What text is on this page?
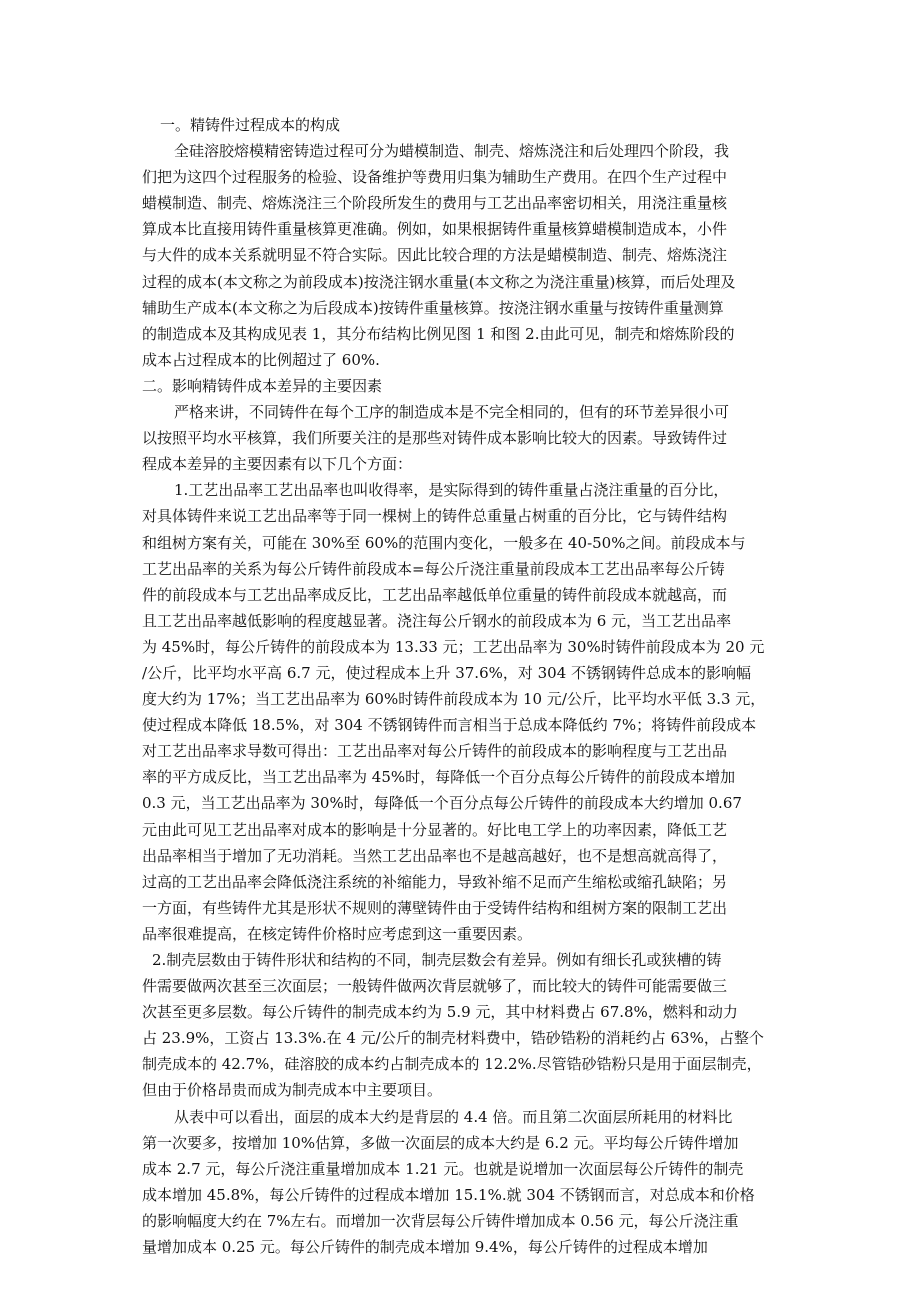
一。精铸件过程成本的构成
全硅溶胶熔模精密铸造过程可分为蜡模制造、制壳、熔炼浇注和后处理四个阶段，我
们把为这四个过程服务的检验、设备维护等费用归集为辅助生产费用。在四个生产过程中
蜡模制造、制壳、熔炼浇注三个阶段所发生的费用与工艺出品率密切相关，用浇注重量核
算成本比直接用铸件重量核算更准确。例如，如果根据铸件重量核算蜡模制造成本，小件
与大件的成本关系就明显不符合实际。因此比较合理的方法是蜡模制造、制壳、熔炼浇注
过程的成本(本文称之为前段成本)按浇注钢水重量(本文称之为浇注重量)核算，而后处理及
辅助生产成本(本文称之为后段成本)按铸件重量核算。按浇注钢水重量与按铸件重量测算
的制造成本及其构成见表 1，其分布结构比例见图 1 和图 2.由此可见，制壳和熔炼阶段的
成本占过程成本的比例超过了 60%.
二。影响精铸件成本差异的主要因素
严格来讲，不同铸件在每个工序的制造成本是不完全相同的，但有的环节差异很小可
以按照平均水平核算，我们所要关注的是那些对铸件成本影响比较大的因素。导致铸件过
程成本差异的主要因素有以下几个方面：
1.工艺出品率工艺出品率也叫收得率，是实际得到的铸件重量占浇注重量的百分比，
对具体铸件来说工艺出品率等于同一棵树上的铸件总重量占树重的百分比，它与铸件结构
和组树方案有关，可能在 30%至 60%的范围内变化，一般多在 40-50%之间。前段成本与
工艺出品率的关系为每公斤铸件前段成本=每公斤浇注重量前段成本工艺出品率每公斤铸
件的前段成本与工艺出品率成反比，工艺出品率越低单位重量的铸件前段成本就越高，而
且工艺出品率越低影响的程度越显著。浇注每公斤钢水的前段成本为 6 元，当工艺出品率
为 45%时，每公斤铸件的前段成本为 13.33 元；工艺出品率为 30%时铸件前段成本为 20 元
/公斤，比平均水平高 6.7 元，使过程成本上升 37.6%，对 304 不锈钢铸件总成本的影响幅
度大约为 17%；当工艺出品率为 60%时铸件前段成本为 10 元/公斤，比平均水平低 3.3 元，
使过程成本降低 18.5%，对 304 不锈钢铸件而言相当于总成本降低约 7%；将铸件前段成本
对工艺出品率求导数可得出：工艺出品率对每公斤铸件的前段成本的影响程度与工艺出品
率的平方成反比，当工艺出品率为 45%时，每降低一个百分点每公斤铸件的前段成本增加
0.3 元，当工艺出品率为 30%时，每降低一个百分点每公斤铸件的前段成本大约增加 0.67
元由此可见工艺出品率对成本的影响是十分显著的。好比电工学上的功率因素，降低工艺
出品率相当于增加了无功消耗。当然工艺出品率也不是越高越好，也不是想高就高得了，
过高的工艺出品率会降低浇注系统的补缩能力，导致补缩不足而产生缩松或缩孔缺陷；另
一方面，有些铸件尤其是形状不规则的薄壁铸件由于受铸件结构和组树方案的限制工艺出
品率很难提高，在核定铸件价格时应考虑到这一重要因素。
2.制壳层数由于铸件形状和结构的不同，制壳层数会有差异。例如有细长孔或狭槽的铸
件需要做两次甚至三次面层；一般铸件做两次背层就够了，而比较大的铸件可能需要做三
次甚至更多层数。每公斤铸件的制壳成本约为 5.9 元，其中材料费占 67.8%，燃料和动力
占 23.9%，工资占 13.3%.在 4 元/公斤的制壳材料费中，锆砂锆粉的消耗约占 63%，占整个
制壳成本的 42.7%，硅溶胶的成本约占制壳成本的 12.2%.尽管锆砂锆粉只是用于面层制壳，
但由于价格昂贵而成为制壳成本中主要项目。
从表中可以看出，面层的成本大约是背层的 4.4 倍。而且第二次面层所耗用的材料比
第一次要多，按增加 10%估算，多做一次面层的成本大约是 6.2 元。平均每公斤铸件增加
成本 2.7 元，每公斤浇注重量增加成本 1.21 元。也就是说增加一次面层每公斤铸件的制壳
成本增加 45.8%，每公斤铸件的过程成本增加 15.1%.就 304 不锈钢而言，对总成本和价格
的影响幅度大约在 7%左右。而增加一次背层每公斤铸件增加成本 0.56 元，每公斤浇注重
量增加成本 0.25 元。每公斤铸件的制壳成本增加 9.4%，每公斤铸件的过程成本增加
